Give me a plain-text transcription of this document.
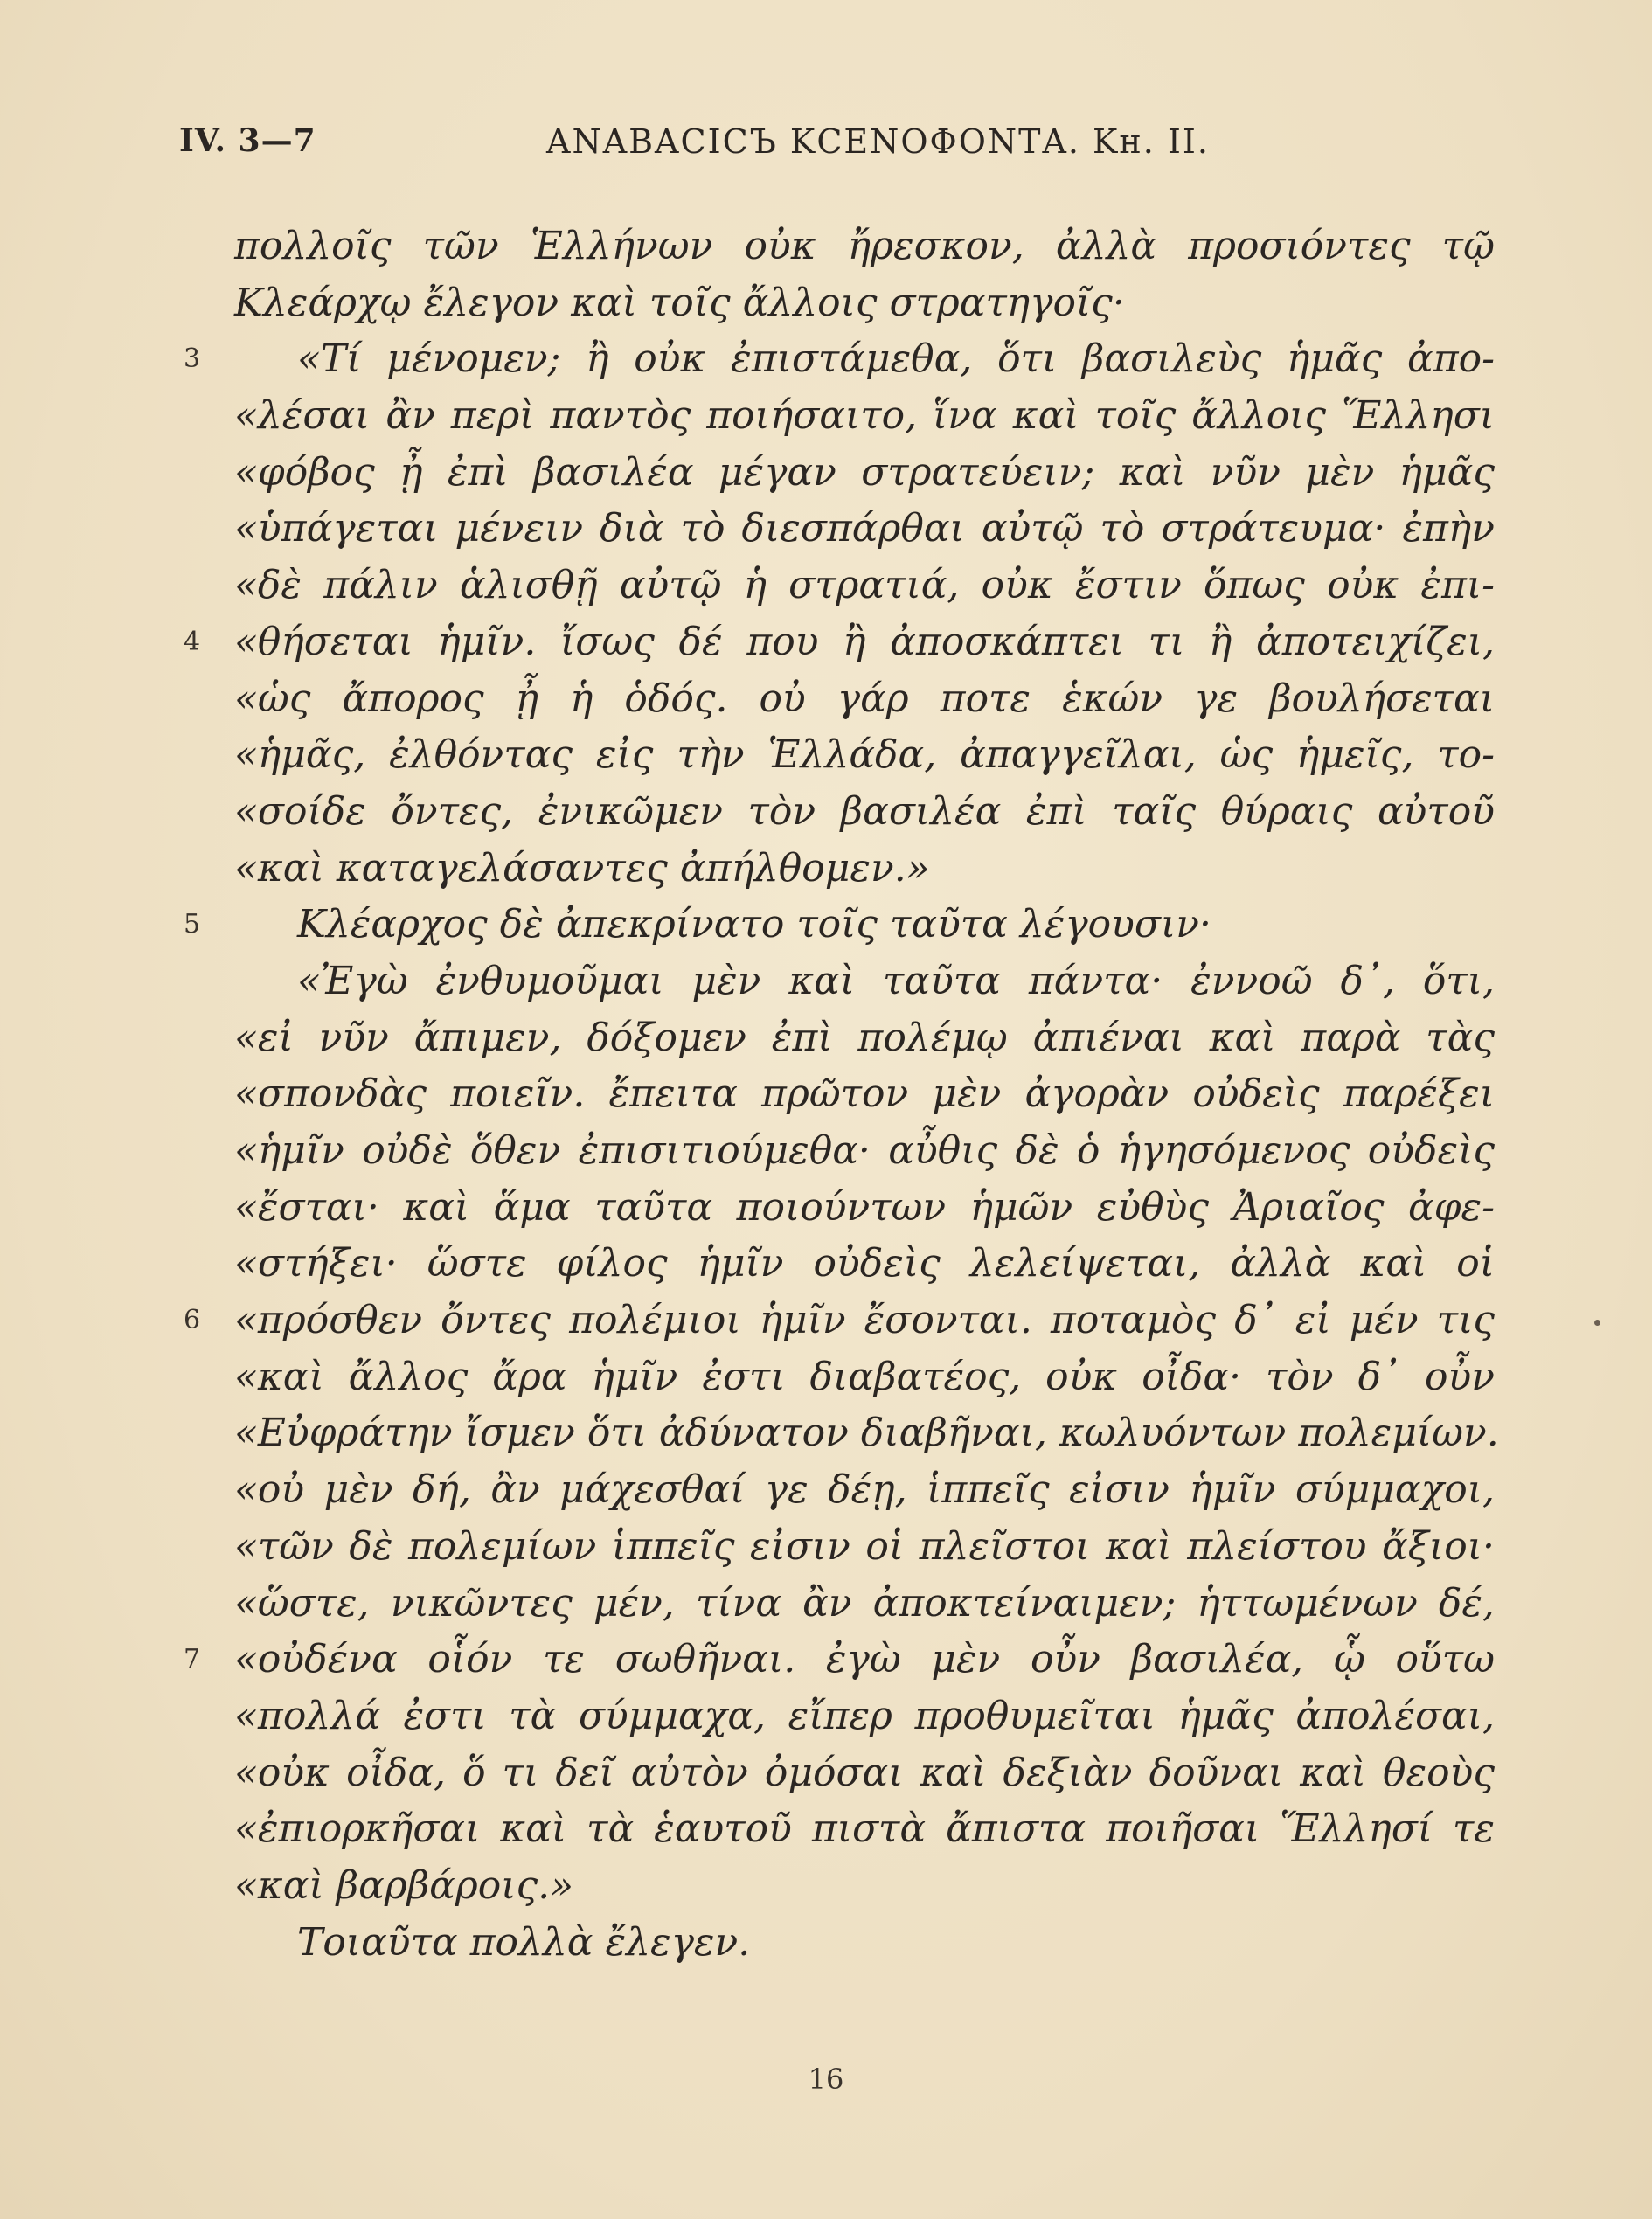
IV. 3—7	ΑΝΑΒΑCΙCЪ ΚCΕΝΟΦΟΝΤΑ. Κн. II.
πολλοῖς τῶν Ἑλλήνων οὐκ ἤρεσκον, ἀλλὰ προσιόντες τῷ
Κλεάρχῳ ἔλεγον καὶ τοῖς ἄλλοις στρατηγοῖς·
3	«Τί μένομεν; ἢ οὐκ ἐπιστάμεθα, ὅτι βασιλεὺς ἡμᾶς ἀπο-
«λέσαι ἂν περὶ παντὸς ποιήσαιτο, ἵνα καὶ τοῖς ἄλλοις Ἕλλησι
«φόβος ᾖ ἐπὶ βασιλέα μέγαν στρατεύειν; καὶ νῦν μὲν ἡμᾶς
«ὑπάγεται μένειν διὰ τὸ διεσπάρθαι αὐτῷ τὸ στράτευμα· ἐπὴν
«δὲ πάλιν ἁλισθῇ αὐτῷ ἡ στρατιά, οὐκ ἔστιν ὅπως οὐκ ἐπι-
4 «θήσεται ἡμῖν. ἴσως δέ που ἢ ἀποσκάπτει τι ἢ ἀποτειχίζει,
«ὡς ἄπορος ᾖ ἡ ὁδός. οὐ γάρ ποτε ἑκών γε βουλήσεται
«ἡμᾶς, ἐλθόντας εἰς τὴν Ἑλλάδα, ἀπαγγεῖλαι, ὡς ἡμεῖς, το-
«σοίδε ὄντες, ἐνικῶμεν τὸν βασιλέα ἐπὶ ταῖς θύραις αὐτοῦ
«καὶ καταγελάσαντες ἀπήλθομεν.»
5	Κλέαρχος δὲ ἀπεκρίνατο τοῖς ταῦτα λέγουσιν·
«Ἐγὼ ἐνθυμοῦμαι μὲν καὶ ταῦτα πάντα· ἐννοῶ δ᾽, ὅτι,
«εἰ νῦν ἄπιμεν, δόξομεν ἐπὶ πολέμῳ ἀπιέναι καὶ παρὰ τὰς
«σπονδὰς ποιεῖν. ἔπειτα πρῶτον μὲν ἀγορὰν οὐδεὶς παρέξει
«ἡμῖν οὐδὲ ὅθεν ἐπισιτιούμεθα· αὖθις δὲ ὁ ἡγησόμενος οὐδεὶς
«ἔσται· καὶ ἅμα ταῦτα ποιούντων ἡμῶν εὐθὺς Ἀριαῖος ἀφε-
«στήξει· ὥστε φίλος ἡμῖν οὐδεὶς λελείψεται, ἀλλὰ καὶ οἱ
6 «πρόσθεν ὄντες πολέμιοι ἡμῖν ἔσονται. ποταμὸς δ᾽ εἰ μέν τις
«καὶ ἄλλος ἄρα ἡμῖν ἐστι διαβατέος, οὐκ οἶδα· τὸν δ᾽ οὖν
«Εὐφράτην ἴσμεν ὅτι ἀδύνατον διαβῆναι, κωλυόντων πολεμίων.
«οὐ μὲν δή, ἂν μάχεσθαί γε δέῃ, ἱππεῖς εἰσιν ἡμῖν σύμμαχοι,
«τῶν δὲ πολεμίων ἱππεῖς εἰσιν οἱ πλεῖστοι καὶ πλείστου ἄξιοι·
«ὥστε, νικῶντες μέν, τίνα ἂν ἀποκτείναιμεν; ἡττωμένων δέ,
7 «οὐδένα οἷόν τε σωθῆναι. ἐγὼ μὲν οὖν βασιλέα, ᾧ οὕτω
«πολλά ἐστι τὰ σύμμαχα, εἴπερ προθυμεῖται ἡμᾶς ἀπολέσαι,
«οὐκ οἶδα, ὅ τι δεῖ αὐτὸν ὀμόσαι καὶ δεξιὰν δοῦναι καὶ θεοὺς
«ἐπιορκῆσαι καὶ τὰ ἑαυτοῦ πιστὰ ἄπιστα ποιῆσαι Ἕλλησί τε
«καὶ βαρβάροις.»
Τοιαῦτα πολλὰ ἔλεγεν.
16
